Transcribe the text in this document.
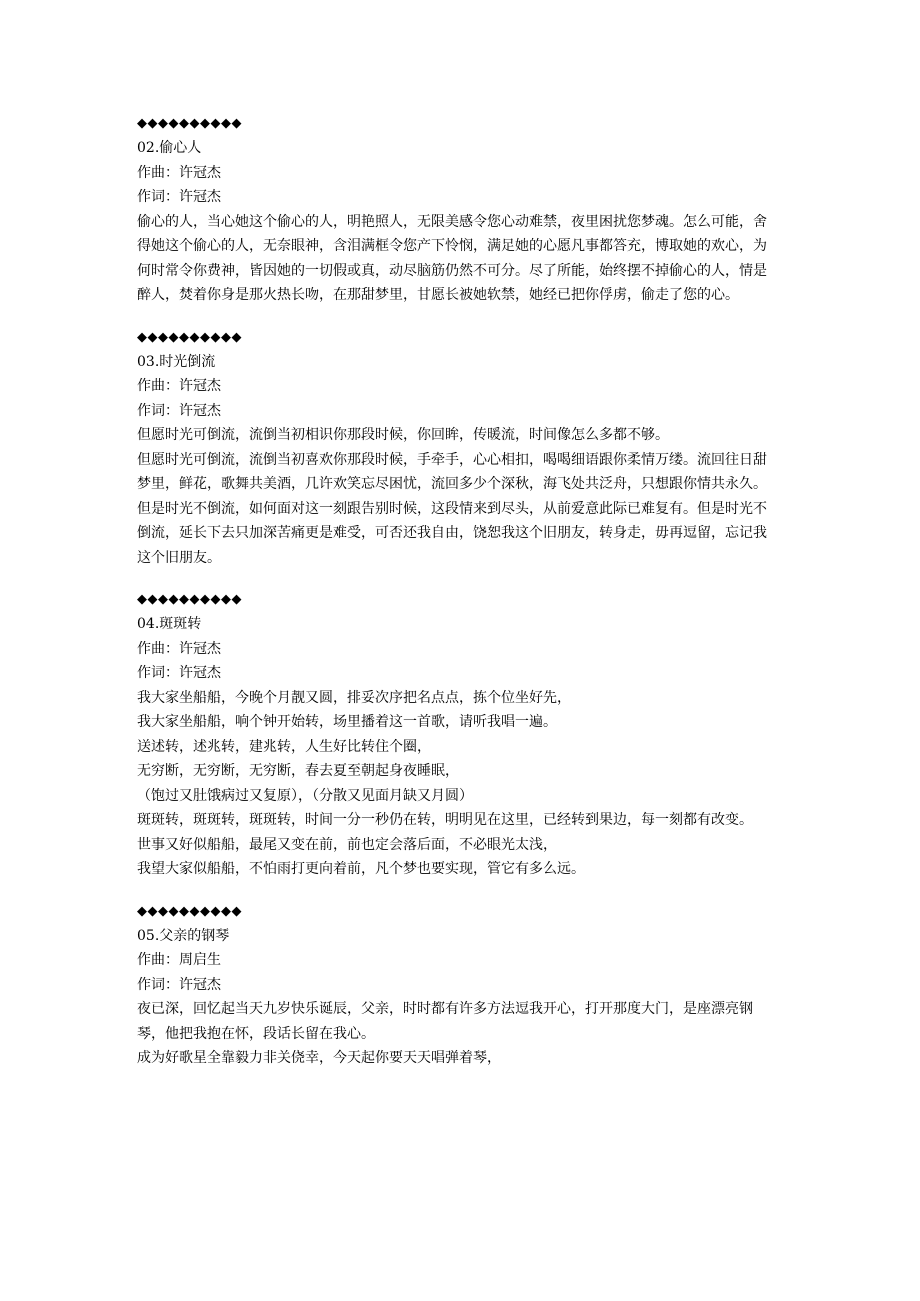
◆◆◆◆◆◆◆◆◆◆
02.偷心人
作曲：许冠杰
作词：许冠杰
偷心的人，当心她这个偷心的人，明艳照人，无限美感令您心动难禁，夜里困扰您梦魂。怎么可能，舍得她这个偷心的人，无奈眼神，含泪满框令您产下怜悯，满足她的心愿凡事都答充，博取她的欢心，为何时常令你费神，皆因她的一切假或真，动尽脑筋仍然不可分。尽了所能，始终摆不掉偷心的人，情是醉人，焚着你身是那火热长吻，在那甜梦里，甘愿长被她软禁，她经已把你俘虏，偷走了您的心。
◆◆◆◆◆◆◆◆◆◆
03.时光倒流
作曲：许冠杰
作词：许冠杰
但愿时光可倒流，流倒当初相识你那段时候，你回眸，传暖流，时间像怎么多都不够。
但愿时光可倒流，流倒当初喜欢你那段时候，手牵手，心心相扣，喝喝细语跟你柔情万缕。流回往日甜梦里，鲜花，歌舞共美酒，几许欢笑忘尽困忧，流回多少个深秋，海飞处共泛舟，只想跟你情共永久。
但是时光不倒流，如何面对这一刻跟告别时候，这段情来到尽头，从前爱意此际已难复有。但是时光不倒流，延长下去只加深苦痛更是难受，可否还我自由，饶恕我这个旧朋友，转身走，毋再逗留，忘记我这个旧朋友。
◆◆◆◆◆◆◆◆◆◆
04.斑斑转
作曲：许冠杰
作词：许冠杰
我大家坐船船，今晚个月靓又圆，排妥次序把名点点，拣个位坐好先，
我大家坐船船，响个钟开始转，场里播着这一首歌，请听我唱一遍。
送述转，述兆转，建兆转，人生好比转住个圈，
无穷断，无穷断，无穷断，春去夏至朝起身夜睡眠，
（饱过又肚饿病过又复原），（分散又见面月缺又月圆）
斑斑转，斑斑转，斑斑转，时间一分一秒仍在转，明明见在这里，已经转到果边，每一刻都有改变。
世事又好似船船，最尾又变在前，前也定会落后面，不必眼光太浅，
我望大家似船船，不怕雨打更向着前，凡个梦也要实现，管它有多么远。
◆◆◆◆◆◆◆◆◆◆
05.父亲的钢琴
作曲：周启生
作词：许冠杰
夜已深，回忆起当天九岁快乐诞辰，父亲，时时都有许多方法逗我开心，打开那度大门，是座漂亮钢琴，他把我抱在怀，段话长留在我心。
成为好歌星全靠毅力非关侥幸，今天起你要天天唱弹着琴，
